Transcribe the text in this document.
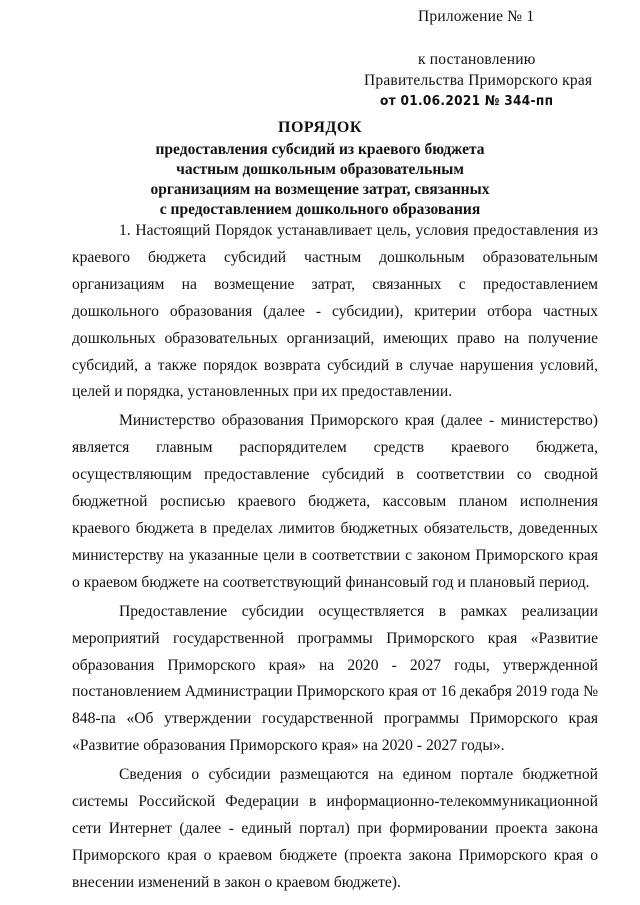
Приложение № 1
к постановлению
Правительства Приморского края
от 01.06.2021 № 344-пп
ПОРЯДОК
предоставления субсидий из краевого бюджета
частным дошкольным образовательным
организациям на возмещение затрат, связанных
с предоставлением дошкольного образования

1. Настоящий Порядок устанавливает цель, условия предоставления из краевого бюджета субсидий частным дошкольным образовательным организациям на возмещение затрат, связанных с предоставлением дошкольного образования (далее - субсидии), критерии отбора частных дошкольных образовательных организаций, имеющих право на получение субсидий, а также порядок возврата субсидий в случае нарушения условий, целей и порядка, установленных при их предоставлении.

Министерство образования Приморского края (далее - министерство) является главным распорядителем средств краевого бюджета, осуществляющим предоставление субсидий в соответствии со сводной бюджетной росписью краевого бюджета, кассовым планом исполнения краевого бюджета в пределах лимитов бюджетных обязательств, доведенных министерству на указанные цели в соответствии с законом Приморского края о краевом бюджете на соответствующий финансовый год и плановый период.

Предоставление субсидии осуществляется в рамках реализации мероприятий государственной программы Приморского края «Развитие образования Приморского края» на 2020 - 2027 годы, утвержденной постановлением Администрации Приморского края от 16 декабря 2019 года № 848-па «Об утверждении государственной программы Приморского края «Развитие образования Приморского края» на 2020 - 2027 годы».

Сведения о субсидии размещаются на едином портале бюджетной системы Российской Федерации в информационно-телекоммуникационной сети Интернет (далее - единый портал) при формировании проекта закона Приморского края о краевом бюджете (проекта закона Приморского края о внесении изменений в закон о краевом бюджете).
